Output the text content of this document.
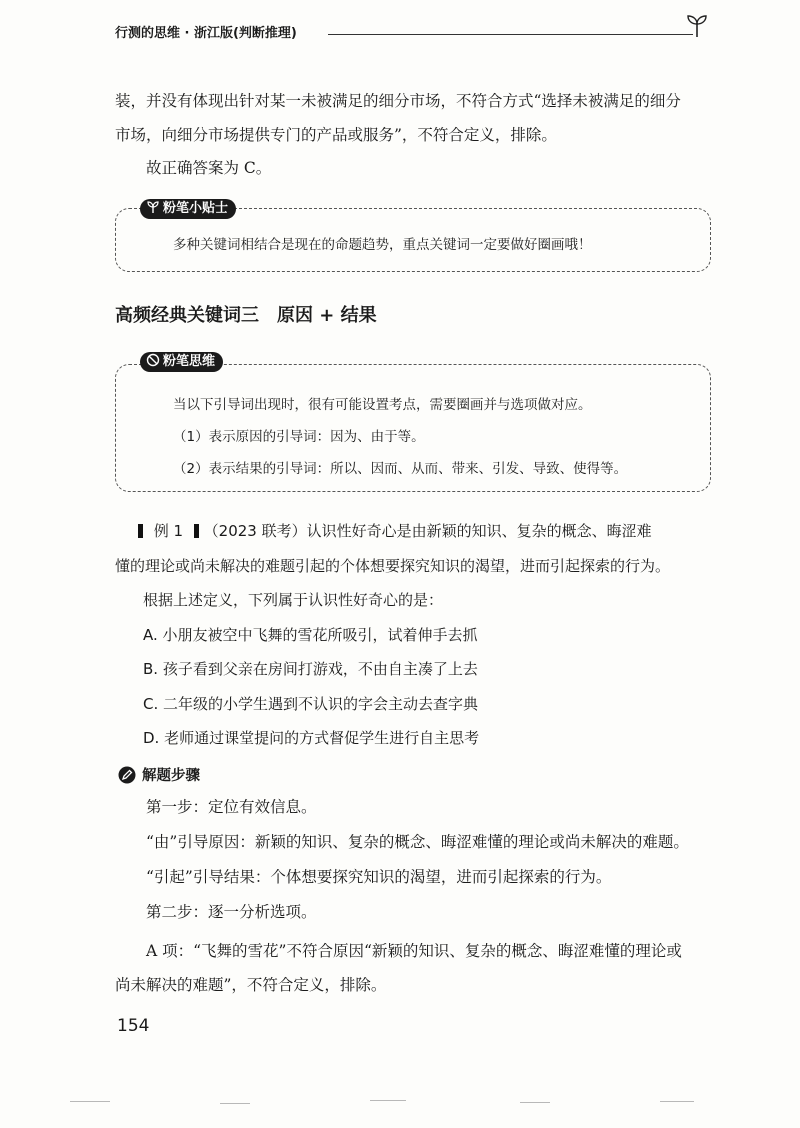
行测的思维 · 浙江版(判断推理)
装，并没有体现出针对某一未被满足的细分市场，不符合方式“选择未被满足的细分
市场，向细分市场提供专门的产品或服务”，不符合定义，排除。
故正确答案为 C。
粉笔小贴士
多种关键词相结合是现在的命题趋势，重点关键词一定要做好圈画哦！
高频经典关键词三　原因 + 结果
粉笔思维
当以下引导词出现时，很有可能设置考点，需要圈画并与选项做对应。
（1）表示原因的引导词：因为、由于等。
（2）表示结果的引导词：所以、因而、从而、带来、引发、导致、使得等。
例 1 （2023 联考）认识性好奇心是由新颖的知识、复杂的概念、晦涩难
懂的理论或尚未解决的难题引起的个体想要探究知识的渴望，进而引起探索的行为。
根据上述定义，下列属于认识性好奇心的是：
A. 小朋友被空中飞舞的雪花所吸引，试着伸手去抓
B. 孩子看到父亲在房间打游戏，不由自主凑了上去
C. 二年级的小学生遇到不认识的字会主动去查字典
D. 老师通过课堂提问的方式督促学生进行自主思考
解题步骤
第一步：定位有效信息。
“由”引导原因：新颖的知识、复杂的概念、晦涩难懂的理论或尚未解决的难题。
“引起”引导结果：个体想要探究知识的渴望，进而引起探索的行为。
第二步：逐一分析选项。
A 项：“飞舞的雪花”不符合原因“新颖的知识、复杂的概念、晦涩难懂的理论或
尚未解决的难题”，不符合定义，排除。
154
